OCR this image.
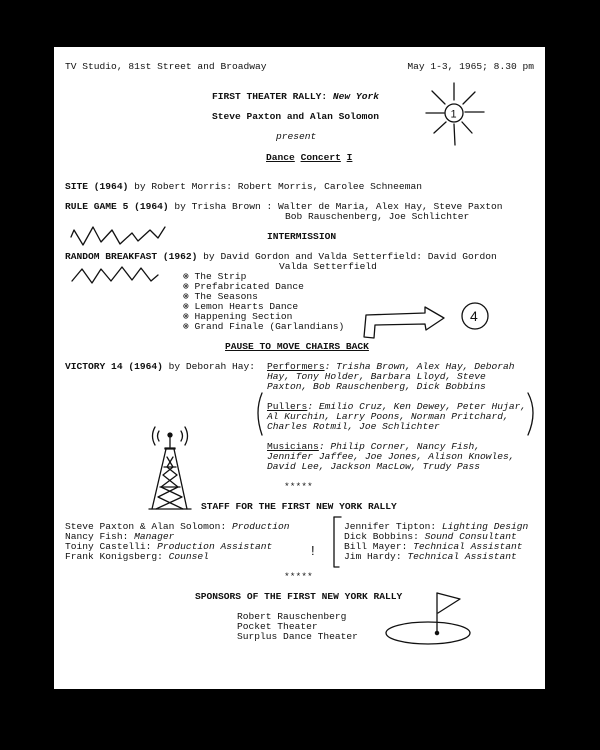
TV Studio, 81st Street and Broadway	May 1-3, 1965; 8.30 pm

FIRST THEATER RALLY: New York

Steve Paxton and Alan Solomon

present

Dance Concert I

SITE (1964) by Robert Morris: Robert Morris, Carolee Schneeman

RULE GAME 5 (1964) by Trisha Brown : Walter de Maria, Alex Hay, Steve Paxton

Bob Rauschenberg, Joe Schlichter

INTERMISSION

RANDOM BREAKFAST (1962) by David Gordon and Valda Setterfield: David Gordon

Valda Setterfield

⊗ The Strip

⊗ Prefabricated Dance

⊗ The Seasons

⊗ Lemon Hearts Dance

⊗ Happening Section

⊗ Grand Finale (Garlandians)

PAUSE TO MOVE CHAIRS BACK

VICTORY 14 (1964) by Deborah Hay: Performers: Trisha Brown, Alex Hay, Deborah

Hay, Tony Holder, Barbara Lloyd, Steve

Paxton, Bob Rauschenberg, Dick Bobbins

Pullers: Emilio Cruz, Ken Dewey, Peter Hujar,

Al Kurchin, Larry Poons, Norman Pritchard,

Charles Rotmil, Joe Schlichter

Musicians: Philip Corner, Nancy Fish,

Jennifer Jaffee, Joe Jones, Alison Knowles,

David Lee, Jackson MacLow, Trudy Pass

*****

STAFF FOR THE FIRST NEW YORK RALLY

Steve Paxton & Alan Solomon: Production

Nancy Fish: Manager

Toiny Castelli: Production Assistant

Frank Konigsberg: Counsel

Jennifer Tipton: Lighting Design

Dick Bobbins: Sound Consultant

Bill Mayer: Technical Assistant

Jim Hardy: Technical Assistant

*****

SPONSORS OF THE FIRST NEW YORK RALLY

Robert Rauschenberg

Pocket Theater

Surplus Dance Theater

1
4
!
